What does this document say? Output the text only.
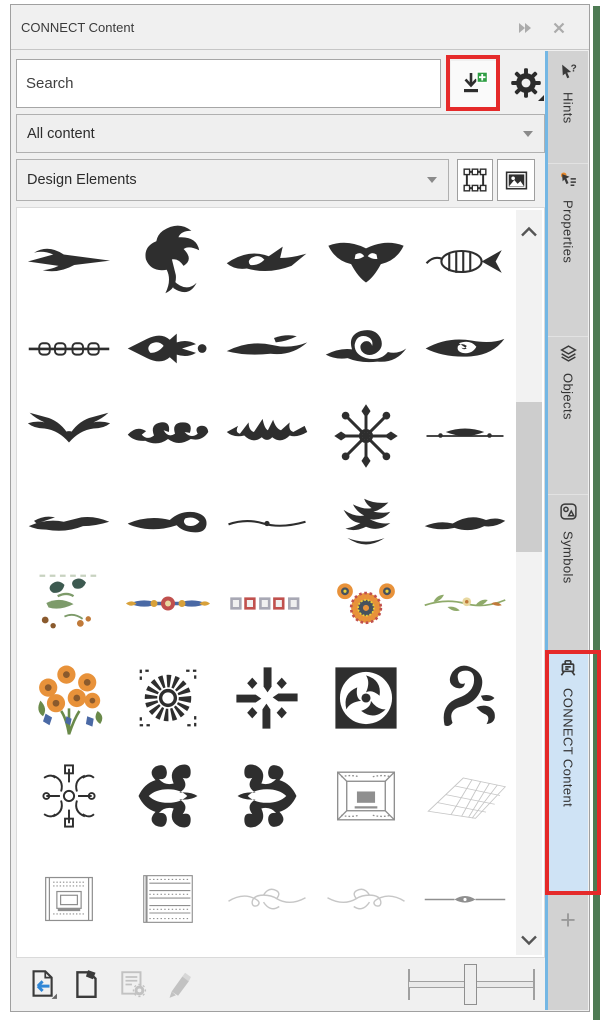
CONNECT Content
Search
All content
Design Elements
?
Hints
Properties
Objects
Symbols
CONNECT Content
+
